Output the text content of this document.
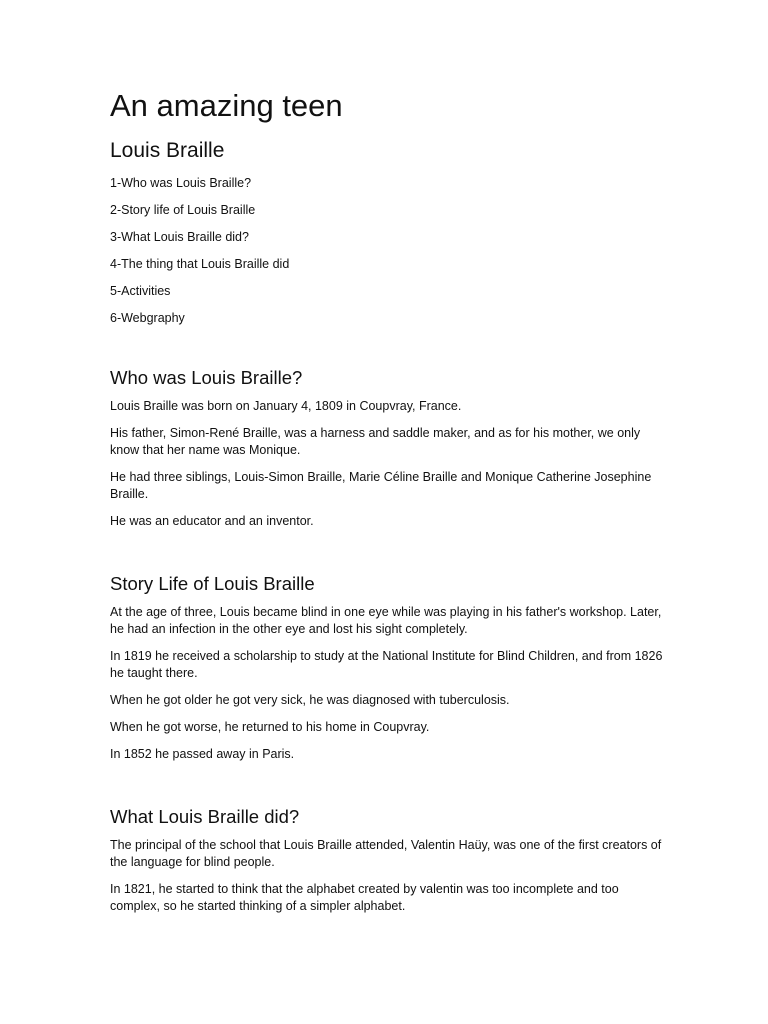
An amazing teen
Louis Braille
1-Who was Louis Braille?
2-Story life of Louis Braille
3-What Louis Braille did?
4-The thing that Louis Braille did
5-Activities
6-Webgraphy
Who was Louis Braille?

Louis Braille was born on January 4, 1809 in Coupvray, France.

His father, Simon-René Braille, was a harness and saddle maker, and as for his mother, we only know that her name was Monique.

He had three siblings, Louis-Simon Braille, Marie Céline Braille and Monique Catherine Josephine Braille.

He was an educator and an inventor.

Story Life of Louis Braille

At the age of three, Louis became blind in one eye while was playing in his father's workshop. Later, he had an infection in the other eye and lost his sight completely.

In 1819 he received a scholarship to study at the National Institute for Blind Children, and from 1826 he taught there.

When he got older he got very sick, he was diagnosed with tuberculosis.

When he got worse, he returned to his home in Coupvray.

In 1852 he passed away in Paris.

What Louis Braille did?

The principal of the school that Louis Braille attended, Valentin Haüy, was one of the first creators of the language for blind people.

In 1821, he started to think that the alphabet created by valentin was too incomplete and too complex, so he started thinking of a simpler alphabet.
